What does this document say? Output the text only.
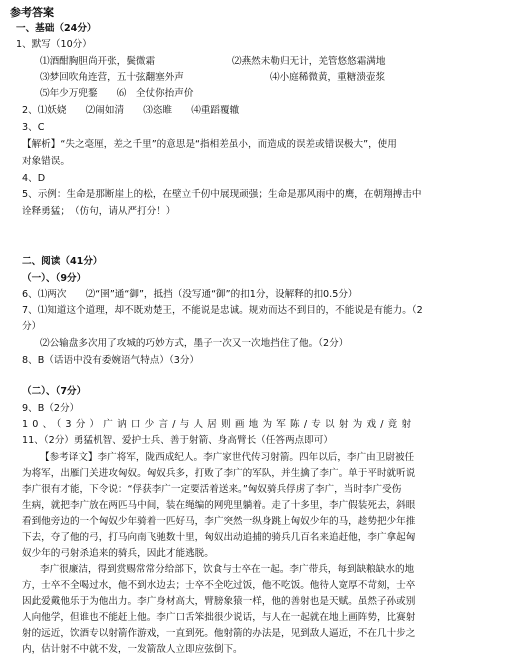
参考答案
一、基础（24分）
1、默写（10分）
⑴酒酣胸胆尚开张，鬓微霜	⑵燕然未勒归无计，羌管悠悠霜满地
⑶梦回吹角连营，五十弦翻塞外声	⑷小庭稀微黄，重糖溃壶浆
⑸年少万兜鍪　　⑹　全仗你抬声价
2、⑴妖娆　　⑵闹如清　　⑶恣睢　　⑷重蹈覆辙
3、C
【解析】“失之毫厘，差之千里”的意思是“指相差虽小，而造成的误差或错误极大”，使用
对象错误。
4、D
5、示例：生命是那断崖上的松，在壁立千仞中展现顽强；生命是那风雨中的鹰，在朝翔搏击中
诠释勇猛；　（仿句，请从严打分！）
二、阅读（41分）
（一）、（9分）
6、⑴两次　　⑵“圉”通“御”，抵挡（没写通“御”的扣1分，设解释的扣0.5分）
7、⑴知道这个道理，却不既劝楚王，不能说是忠诚。规劝而达不到目的，不能说是有能力。（2
分）
⑵公输盘多次用了攻城的巧妙方式，墨子一次又一次地挡住了他。（2分）
8、B（话语中没有委婉语气特点）（3分）
（二）、（7分）
9、B（2分）
10、（3分）广讷口少言/与人居则画地为军陈/专以射为戏/竟射
11、（2分）勇猛机智、爱护士兵、善于射箭、身高臂长（任答两点即可）
【参考译文】李广将军，陇西成纪人。李广家世代传习射箭。四年以后，李广由卫尉被任
为将军，出雁门关进攻匈奴。匈奴兵多，打败了李广的军队，并生擒了李广。单于平时就听说
李广很有才能，下令说：“俘获李广一定要活着送来。”匈奴骑兵俘虏了李广，当时李广受伤
生病，就把李广放在两匹马中间，装在绳编的网兜里躺着。走了十多里，李广假装死去，斜眼
看到他旁边的一个匈奴少年骑着一匹好马，李广突然一纵身跳上匈奴少年的马，趁势把少年推
下去，夺了他的弓，打马向南飞驰数十里，匈奴出动追捕的骑兵几百名来追赶他，李广拿起匈
奴少年的弓射杀追来的骑兵，因此才能逃脱。
李广很廉洁，得到赏赐常常分给部下，饮食与士卒在一起。李广带兵，每到缺粮缺水的地
方，士卒不全喝过水，他不到水边去；士卒不全吃过饭，他不吃饭。他待人宽厚不苛刻，士卒
因此爱戴他乐于为他出力。李广身材高大，臂膀象猿一样，他的善射也是天赋。虽然子孙或别
人向他学，但谁也不能赶上他。李广口舌笨拙很少说话，与人在一起就在地上画阵势，比赛射
射的远近，饮酒专以射箭作游戏，一直到死。他射箭的办法是，见到敌人逼近，不在几十步之
内，估计射不中就不发，一发箭敌人立即应弦倒下。
